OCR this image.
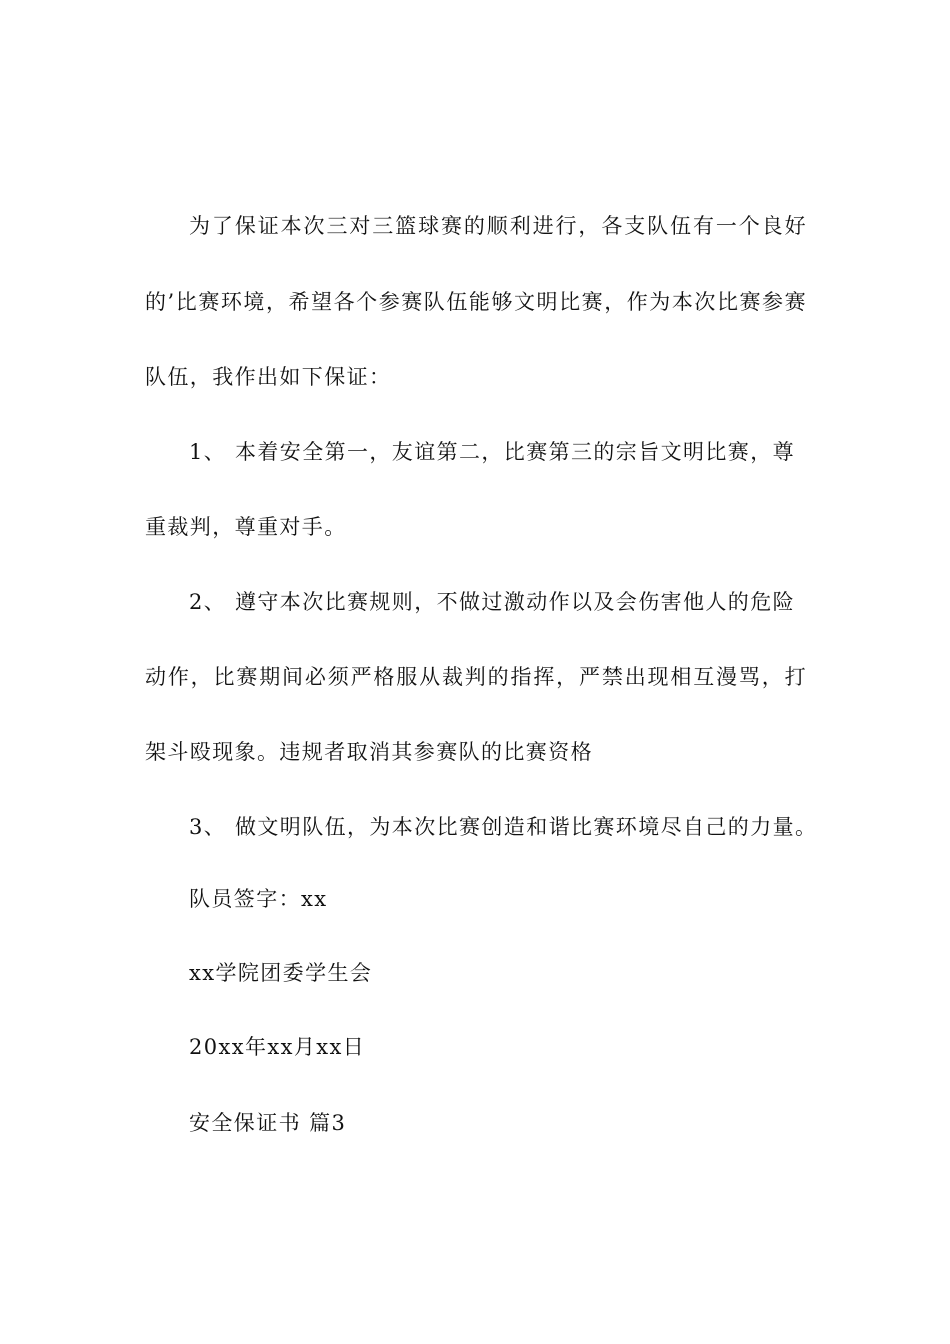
为了保证本次三对三篮球赛的顺利进行，各支队伍有一个良好
的’比赛环境，希望各个参赛队伍能够文明比赛，作为本次比赛参赛
队伍，我作出如下保证：
1、 本着安全第一，友谊第二，比赛第三的宗旨文明比赛，尊
重裁判，尊重对手。
2、 遵守本次比赛规则，不做过激动作以及会伤害他人的危险
动作，比赛期间必须严格服从裁判的指挥，严禁出现相互漫骂，打
架斗殴现象。违规者取消其参赛队的比赛资格
3、 做文明队伍，为本次比赛创造和谐比赛环境尽自己的力量。
队员签字：xx
xx学院团委学生会
20xx年xx月xx日
安全保证书 篇3
